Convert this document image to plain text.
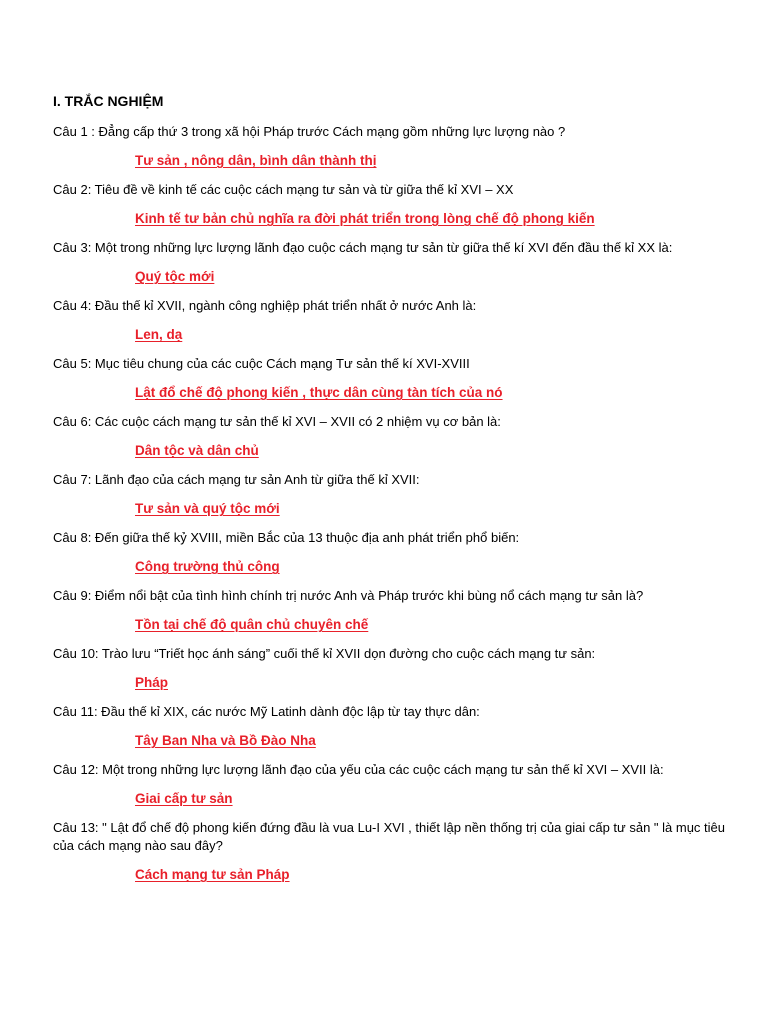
I. TRẮC NGHIỆM

Câu 1 : Đẳng cấp thứ 3 trong xã hội Pháp trước Cách mạng gồm những lực lượng nào ?

Tư sản , nông dân, bình dân thành thị

Câu 2: Tiêu đề về kinh tế các cuộc cách mạng tư sản và từ giữa thế kỉ XVI – XX

Kinh tế tư bản chủ nghĩa ra đời phát triển trong lòng chế độ phong kiến

Câu 3: Một trong những lực lượng lãnh đạo cuộc cách mạng tư sản từ giữa thế kí XVI đến đầu thế kỉ XX là:

Quý tộc mới

Câu 4: Đầu thế kỉ XVII, ngành công nghiệp phát triển nhất ở nước Anh là:

Len, dạ

Câu 5: Mục tiêu chung của các cuộc Cách mạng Tư sản thế kí XVI-XVIII

Lật đổ chế độ phong kiến , thực dân cùng tàn tích của nó

Câu 6: Các cuộc cách mạng tư sản thế kỉ XVI – XVII có 2 nhiệm vụ cơ bản là:

Dân tộc và dân chủ

Câu 7: Lãnh đạo của cách mạng tư sản Anh từ giữa thế kỉ XVII:

Tư sản và quý tộc mới

Câu 8: Đến giữa thế kỷ XVIII, miền Bắc của 13 thuộc địa anh phát triển phổ biến:

Công trường thủ công

Câu 9: Điểm nổi bật của tình hình chính trị nước Anh và Pháp trước khi bùng nổ cách mạng tư sản là?

Tồn tại chế độ quân chủ chuyên chế

Câu 10: Trào lưu “Triết học ánh sáng” cuối thế kỉ XVII dọn đường cho cuộc cách mạng tư sản:

Pháp

Câu 11: Đầu thế kỉ XIX, các nước Mỹ Latinh dành độc lập từ tay thực dân:

Tây Ban Nha và Bồ Đào Nha

Câu 12: Một trong những lực lượng lãnh đạo của yếu của các cuộc cách mạng tư sản thế kỉ XVI – XVII là:

Giai cấp tư sản

Câu 13: " Lật đổ chế độ phong kiến đứng đầu là vua Lu-I XVI , thiết lập nền thống trị của giai cấp tư sản " là mục tiêu của cách mạng nào sau đây?

Cách mạng tư sản Pháp
